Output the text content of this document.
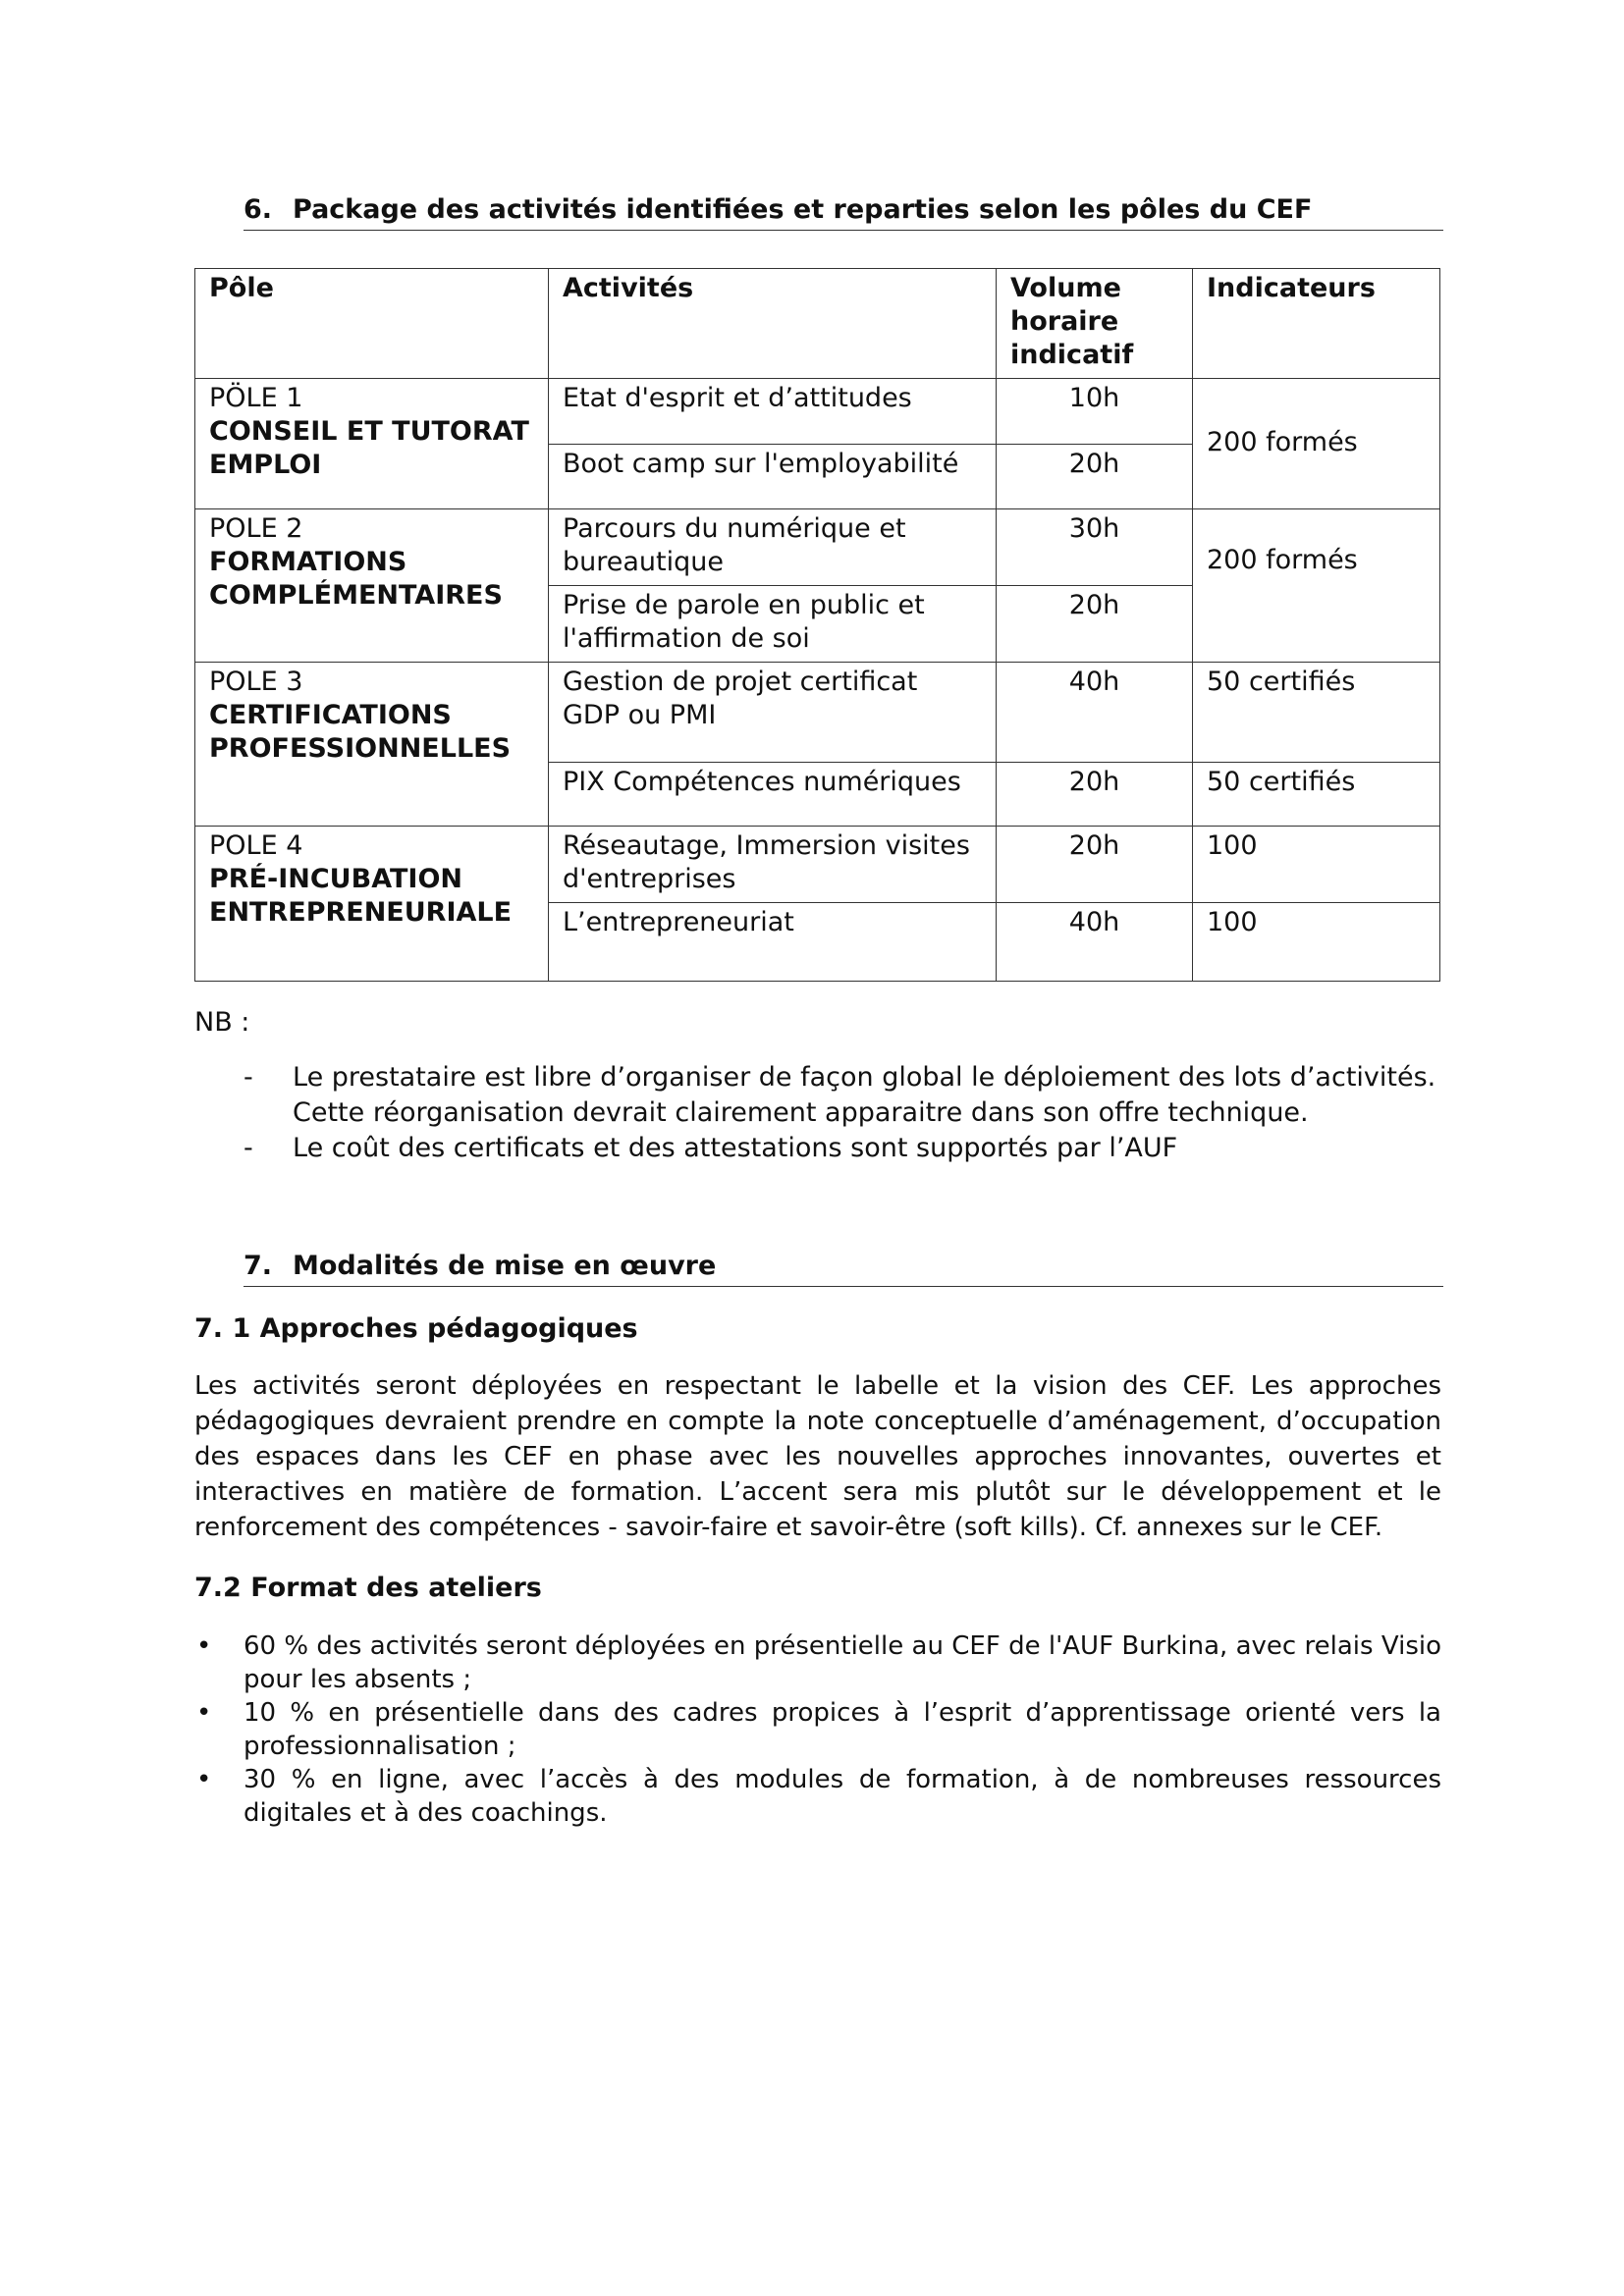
6. Package des activités identifiées et reparties selon les pôles du CEF
Pôle	Activités	Volume horaire indicatif	Indicateurs

PÖLE 1
CONSEIL ET TUTORAT EMPLOI	Etat d'esprit et d’attitudes	10h	200 formés
	Boot camp sur l'employabilité	20h	

POLE 2
FORMATIONS COMPLÉMENTAIRES	Parcours du numérique et bureautique	30h	200 formés
	Prise de parole en public et l'affirmation de soi	20h	

POLE 3
CERTIFICATIONS PROFESSIONNELLES	Gestion de projet certificat GDP ou PMI	40h	50 certifiés
	PIX Compétences numériques	20h	50 certifiés

POLE 4
PRÉ-INCUBATION ENTREPRENEURIALE	Réseautage, Immersion visites d'entreprises	20h	100
	L’entrepreneuriat	40h	100
NB :
- Le prestataire est libre d’organiser de façon global le déploiement des lots d’activités. Cette réorganisation devrait clairement apparaitre dans son offre technique.
- Le coût des certificats et des attestations sont supportés par l’AUF
7. Modalités de mise en œuvre
7. 1 Approches pédagogiques
Les activités seront déployées en respectant le labelle et la vision des CEF. Les approches pédagogiques devraient prendre en compte la note conceptuelle d’aménagement, d’occupation des espaces dans les CEF en phase avec les nouvelles approches innovantes, ouvertes et interactives en matière de formation. L’accent sera mis plutôt sur le développement et le renforcement des compétences - savoir-faire et savoir-être (soft kills). Cf. annexes sur le CEF.
7.2 Format des ateliers
• 60 % des activités seront déployées en présentielle au CEF de l'AUF Burkina, avec relais Visio pour les absents ;
• 10 % en présentielle dans des cadres propices à l’esprit d’apprentissage orienté vers la professionnalisation ;
• 30 % en ligne, avec l’accès à des modules de formation, à de nombreuses ressources digitales et à des coachings.
